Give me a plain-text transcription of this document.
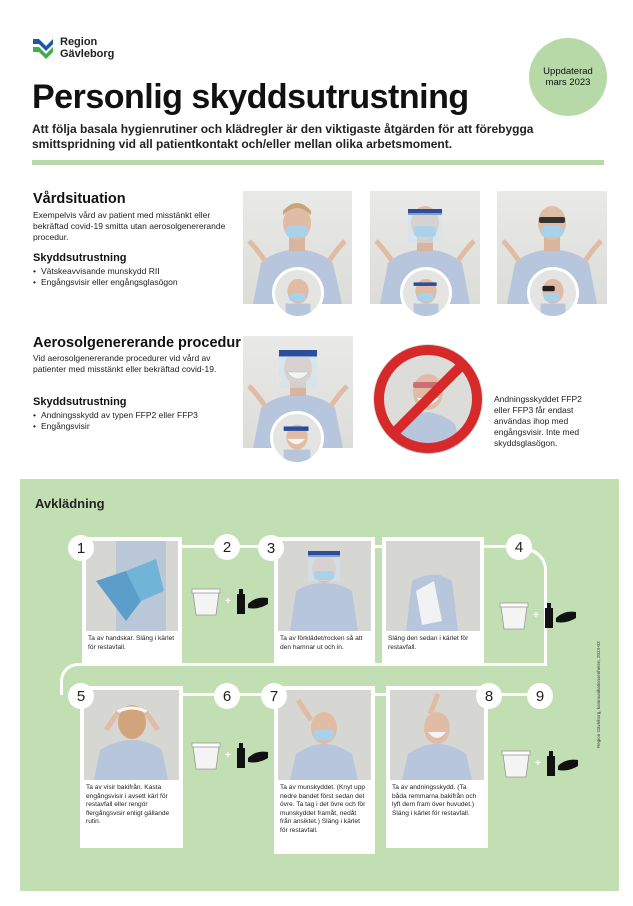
Region
Gävleborg
Uppdaterad
mars 2023
Personlig skyddsutrustning

Att följa basala hygienrutiner och klädregler är den viktigaste åtgärden för att förebygga smittspridning vid all patientkontakt och/eller mellan olika arbetsmoment.

Vårdsituation
Exempelvis vård av patient med misstänkt eller bekräftad covid-19 smitta utan aerosolgenererande procedur.
Skyddsutrustning
• Vätskeavvisande munskydd RII
• Engångsvisir eller engångsglasögon
Aerosolgenererande procedur
Vid aerosolgenererande procedurer vid vård av patienter med misstänkt eller bekräftad covid-19.
Skyddsutrustning
• Andningsskydd av typen FFP2 eller FFP3
• Engångsvisir
Andningsskyddet FFP2 eller FFP3 får endast användas ihop med engångsvisir. Inte med skyddsglasögon.
Avklädning
Ta av handskar. Släng i kärlet för restavfall.
1	2
+
Ta av förklädet/rocken så att den hamnar ut och in.
3
Släng den sedan i kärlet för restavfall.
4
+
Ta av visir bakifrån. Kasta engångsvisir i avsett kärl för restavfall eller rengör flergångsvisir enligt gällande rutin.
5	6
+
Ta av munskyddet. (Knyt upp nedre bandet först sedan det övre. Ta tag i det övre och för munskyddet framåt, nedåt från ansiktet.) Släng i kärlet för restavfall.
7
Ta av andningsskydd. (Ta båda remmarna bakifrån och lyft dem fram över huvudet.) Släng i kärlet för restavfall.
8	9
+
Region Gävleborg, kommunikationsenheten, 2023-03
